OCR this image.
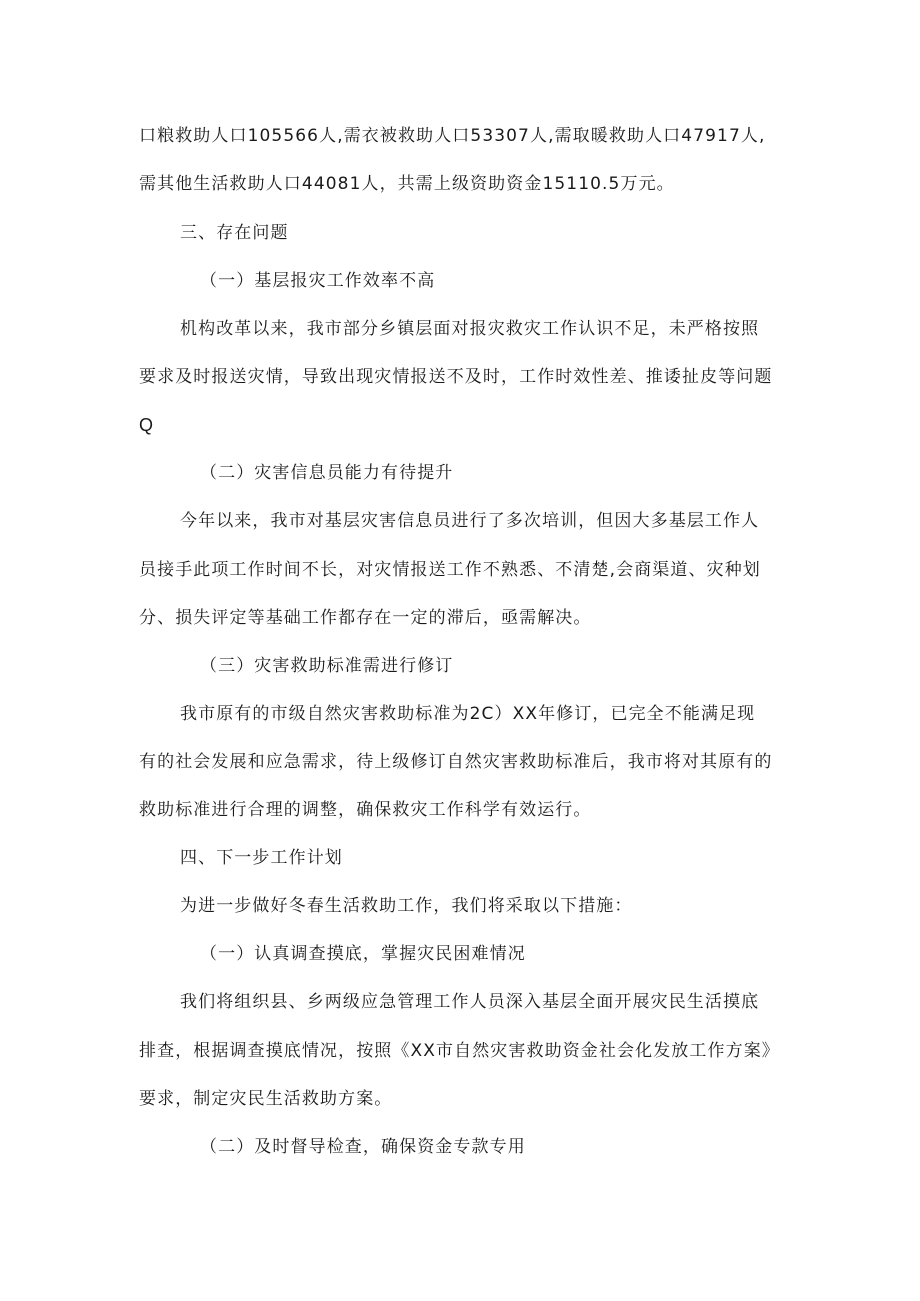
口粮救助人口105566人,需衣被救助人口53307人,需取暖救助人口47917人,
需其他生活救助人口44081人，共需上级资助资金15110.5万元。
三、存在问题
（一）基层报灾工作效率不高
机构改革以来，我市部分乡镇层面对报灾救灾工作认识不足，未严格按照
要求及时报送灾情，导致出现灾情报送不及时，工作时效性差、推诿扯皮等问题
Q
（二）灾害信息员能力有待提升
今年以来，我市对基层灾害信息员进行了多次培训，但因大多基层工作人
员接手此项工作时间不长，对灾情报送工作不熟悉、不清楚,会商渠道、灾种划
分、损失评定等基础工作都存在一定的滞后，亟需解决。
（三）灾害救助标准需进行修订
我市原有的市级自然灾害救助标准为2C）XX年修订，已完全不能满足现
有的社会发展和应急需求，待上级修订自然灾害救助标准后，我市将对其原有的
救助标准进行合理的调整，确保救灾工作科学有效运行。
四、下一步工作计划
为进一步做好冬春生活救助工作，我们将采取以下措施：
（一）认真调查摸底，掌握灾民困难情况
我们将组织县、乡两级应急管理工作人员深入基层全面开展灾民生活摸底
排查，根据调查摸底情况，按照《XX市自然灾害救助资金社会化发放工作方案》
要求，制定灾民生活救助方案。
（二）及时督导检查，确保资金专款专用
